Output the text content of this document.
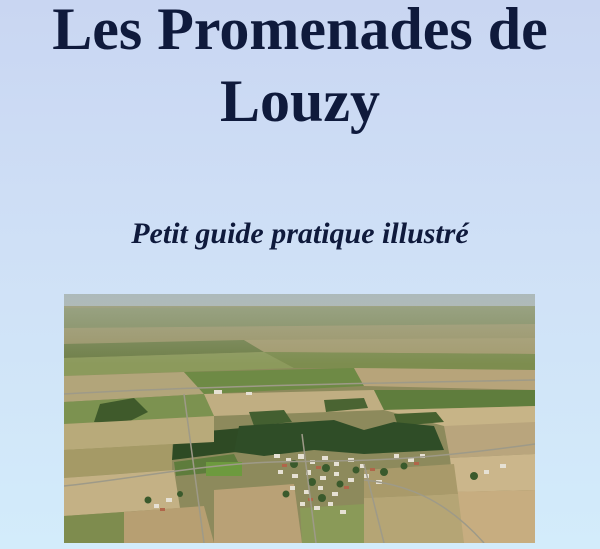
Les Promenades de
Louzy

Petit guide pratique illustré
